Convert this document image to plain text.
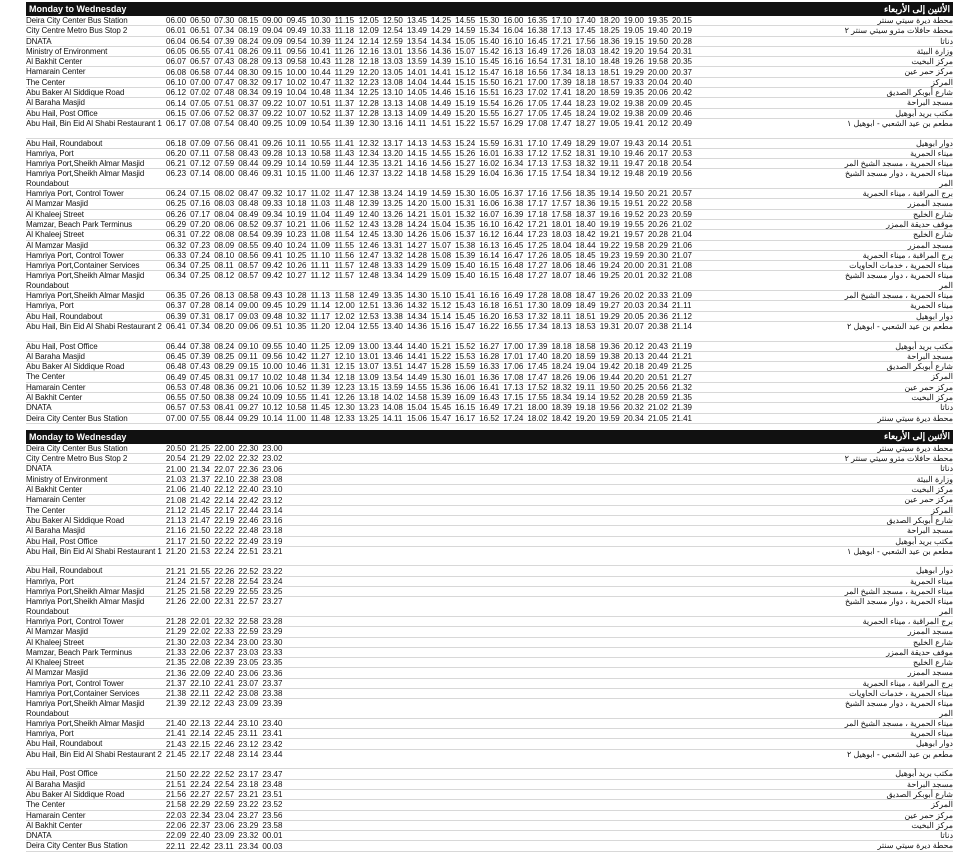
Monday to Wednesday	الأثنين إلى الأربعاء
Deira City Center Bus Station	06.00 06.50 07.30 08.15 09.00 09.45 10.30 11.15 12.05 12.50 13.45 14.25 14.55 15.30 16.00 16.35 17.10 17.40 18.20 19.00 19.35 20.15	محطة ديرة سيتي سنتر
City Centre Metro Bus Stop 2	06.01 06.51 07.34 08.19 09.04 09.49 10.33 11.18 12.09 12.54 13.49 14.29 14.59 15.34 16.04 16.38 17.13 17.45 18.25 19.05 19.40 20.19	محطة حافلات مترو سيتي سنتر ٢
DNATA	06.04 06.54 07.39 08.24 09.09 09.54 10.39 11.24 12.14 12.59 13.54 14.34 15.05 15.40 16.10 16.45 17.21 17.56 18.36 19.15 19.50 20.28	دناتا
Ministry of Environment	06.05 06.55 07.41 08.26 09.11 09.56 10.41 11.26 12.16 13.01 13.56 14.36 15.07 15.42 16.13 16.49 17.26 18.03 18.42 19.20 19.54 20.31	وزارة البيئة
Al Bakhit Center	06.07 06.57 07.43 08.28 09.13 09.58 10.43 11.28 12.18 13.03 13.59 14.39 15.10 15.45 16.16 16.54 17.31 18.10 18.48 19.26 19.58 20.35	مركز البخيت
Hamarain Center	06.08 06.58 07.44 08.30 09.15 10.00 10.44 11.29 12.20 13.05 14.01 14.41 15.12 15.47 16.18 16.56 17.34 18.13 18.51 19.29 20.00 20.37	مركز حمر عين
The Center	06.10 07.00 07.47 08.32 09.17 10.02 10.47 11.32 12.23 13.08 14.04 14.44 15.15 15.50 16.21 17.00 17.39 18.18 18.57 19.33 20.04 20.40	المركز
Abu Baker Al Siddique Road	06.12 07.02 07.48 08.34 09.19 10.04 10.48 11.34 12.25 13.10 14.05 14.46 15.16 15.51 16.23 17.02 17.41 18.20 18.59 19.35 20.06 20.42	شارع أبوبكر الصديق
Al Baraha Masjid	06.14 07.05 07.51 08.37 09.22 10.07 10.51 11.37 12.28 13.13 14.08 14.49 15.19 15.54 16.26 17.05 17.44 18.23 19.02 19.38 20.09 20.45	مسجد البراحة
Abu Hail, Post Office	06.15 07.06 07.52 08.37 09.22 10.07 10.52 11.37 12.28 13.13 14.09 14.49 15.20 15.55 16.27 17.05 17.45 18.24 19.02 19.38 20.09 20.46	مكتب بريد أبوهيل
Abu Hail, Bin Eid Al Shabi Restaurant 1 06.17 07.08 07.54 08.40 09.25 10.09 10.54 11.39 12.30 13.16 14.11 14.51 15.22 15.57 16.29 17.08 17.47 18.27 19.05 19.41 20.12 20.49	مطعم بن عيد الشعبي - ابوهيل ١
Abu Hail, Roundabout	06.18 07.09 07.56 08.41 09.26 10.11 10.55 11.41 12.32 13.17 14.13 14.53 15.24 15.59 16.31 17.10 17.49 18.29 19.07 19.43 20.14 20.51	دوار ابوهيل
Hamriya, Port	06.20 07.11 07.58 08.43 09.28 10.13 10.58 11.43 12.34 13.20 14.15 14.55 15.26 16.01 16.33 17.12 17.52 18.31 19.10 19.46 20.17 20.53	ميناء الحمرية
Hamriya Port,Sheikh Almar Masjid	06.21 07.12 07.59 08.44 09.29 10.14 10.59 11.44 12.35 13.21 14.16 14.56 15.27 16.02 16.34 17.13 17.53 18.32 19.11 19.47 20.18 20.54	ميناء الحمرية ، مسجد الشيخ المر
Hamriya Port,Sheikh Almar Masjid Roundabout
06.23 07.14 08.00 08.46 09.31 10.15 11.00 11.46 12.37 13.22 14.18 14.58 15.29 16.04 16.36 17.15 17.54 18.34 19.12 19.48 20.19 20.56	ميناء الحمرية ، دوار مسجد الشيخ المر
Hamriya Port, Control Tower	06.24 07.15 08.02 08.47 09.32 10.17 11.02 11.47 12.38 13.24 14.19 14.59 15.30 16.05 16.37 17.16 17.56 18.35 19.14 19.50 20.21 20.57	برج المراقبة ، ميناء الحمرية
Al Mamzar Masjid	06.25 07.16 08.03 08.48 09.33 10.18 11.03 11.48 12.39 13.25 14.20 15.00 15.31 16.06 16.38 17.17 17.57 18.36 19.15 19.51 20.22 20.58	مسجد الممزر
Al Khaleej Street	06.26 07.17 08.04 08.49 09.34 10.19 11.04 11.49 12.40 13.26 14.21 15.01 15.32 16.07 16.39 17.18 17.58 18.37 19.16 19.52 20.23 20.59	شارع الخليج
Mamzar, Beach Park Terminus	06.29 07.20 08.06 08.52 09.37 10.21 11.06 11.52 12.43 13.28 14.24 15.04 15.35 16.10 16.42 17.21 18.01 18.40 19.19 19.55 20.26 21.02	موقف حديقة الممزر
Al Khaleej Street	06.31 07.22 08.08 08.54 09.39 10.23 11.08 11.54 12.45 13.30 14.26 15.06 15.37 16.12 16.44 17.23 18.03 18.42 19.21 19.57 20.28 21.04	شارع الخليج
Al Mamzar Masjid	06.32 07.23 08.09 08.55 09.40 10.24 11.09 11.55 12.46 13.31 14.27 15.07 15.38 16.13 16.45 17.25 18.04 18.44 19.22 19.58 20.29 21.06	مسجد الممزر
Hamriya Port, Control Tower	06.33 07.24 08.10 08.56 09.41 10.25 11.10 11.56 12.47 13.32 14.28 15.08 15.39 16.14 16.47 17.26 18.05 18.45 19.23 19.59 20.30 21.07	برج المراقبة ، ميناء الحمرية
Hamriya Port,Container Services	06.34 07.25 08.11 08.57 09.42 10.26 11.11 11.57 12.48 13.33 14.29 15.09 15.40 16.15 16.48 17.27 18.06 18.46 19.24 20.00 20.31 21.08	ميناء الحمرية ، خدمات الحاويات
Hamriya Port,Sheikh Almar Masjid Roundabout
06.34 07.25 08.12 08.57 09.42 10.27 11.12 11.57 12.48 13.34 14.29 15.09 15.40 16.15 16.48 17.27 18.07 18.46 19.25 20.01 20.32 21.08	ميناء الحمرية ، دوار مسجد الشيخ المر
Hamriya Port,Sheikh Almar Masjid	06.35 07.26 08.13 08.58 09.43 10.28 11.13 11.58 12.49 13.35 14.30 15.10 15.41 16.16 16.49 17.28 18.08 18.47 19.26 20.02 20.33 21.09	ميناء الحمرية ، مسجد الشيخ المر
Hamriya, Port	06.37 07.28 08.14 09.00 09.45 10.29 11.14 12.00 12.51 13.36 14.32 15.12 15.43 16.18 16.51 17.30 18.09 18.49 19.27 20.03 20.34 21.11	ميناء الحمرية
Abu Hail, Roundabout	06.39 07.31 08.17 09.03 09.48 10.32 11.17 12.02 12.53 13.38 14.34 15.14 15.45 16.20 16.53 17.32 18.11 18.51 19.29 20.05 20.36 21.12	دوار ابوهيل
Abu Hail, Bin Eid Al Shabi Restaurant 2 06.41 07.34 08.20 09.06 09.51 10.35 11.20 12.04 12.55 13.40 14.36 15.16 15.47 16.22 16.55 17.34 18.13 18.53 19.31 20.07 20.38 21.14	مطعم بن عيد الشعبي - ابوهيل ٢
Abu Hail, Post Office	06.44 07.38 08.24 09.10 09.55 10.40 11.25 12.09 13.00 13.44 14.40 15.21 15.52 16.27 17.00 17.39 18.18 18.58 19.36 20.12 20.43 21.19	مكتب بريد أبوهيل
Al Baraha Masjid	06.45 07.39 08.25 09.11 09.56 10.42 11.27 12.10 13.01 13.46 14.41 15.22 15.53 16.28 17.01 17.40 18.20 18.59 19.38 20.13 20.44 21.21	مسجد البراحة
Abu Baker Al Siddique Road	06.48 07.43 08.29 09.15 10.00 10.46 11.31 12.15 13.07 13.51 14.47 15.28 15.59 16.33 17.06 17.45 18.24 19.04 19.42 20.18 20.49 21.25	شارع أبوبكر الصديق
The Center	06.49 07.45 08.31 09.17 10.02 10.48 11.34 12.18 13.09 13.54 14.49 15.30 16.01 16.36 17.08 17.47 18.26 19.06 19.44 20.20 20.51 21.27	المركز
Hamarain Center	06.53 07.48 08.36 09.21 10.06 10.52 11.39 12.23 13.15 13.59 14.55 15.36 16.06 16.41 17.13 17.52 18.32 19.11 19.50 20.25 20.56 21.32	مركز حمر عين
Al Bakhit Center	06.55 07.50 08.38 09.24 10.09 10.55 11.41 12.26 13.18 14.02 14.58 15.39 16.09 16.43 17.15 17.55 18.34 19.14 19.52 20.28 20.59 21.35	مركز البخيت
DNATA	06.57 07.53 08.41 09.27 10.12 10.58 11.45 12.30 13.23 14.08 15.04 15.45 16.15 16.49 17.21 18.00 18.39 19.18 19.56 20.32 21.02 21.39	دناتا
Deira City Center Bus Station	07.00 07.55 08.44 09.29 10.14 11.00 11.48 12.33 13.25 14.11 15.06 15.47 16.17 16.52 17.24 18.02 18.42 19.20 19.59 20.34 21.05 21.41	محطة ديرة سيتي سنتر
Monday to Wednesday	الأثنين إلى الأربعاء
Deira City Center Bus Station	20.50 21.25 22.00 22.30 23.00	محطة ديرة سيتي سنتر
City Centre Metro Bus Stop 2	20.54 21.29 22.02 22.32 23.02	محطة حافلات مترو سيتي سنتر ٢
DNATA	21.00 21.34 22.07 22.36 23.06	دناتا
Ministry of Environment	21.03 21.37 22.10 22.38 23.08	وزارة البيئة
Al Bakhit Center	21.06 21.40 22.12 22.40 23.10	مركز البخيت
Hamarain Center	21.08 21.42 22.14 22.42 23.12	مركز حمر عين
The Center	21.12 21.45 22.17 22.44 23.14	المركز
Abu Baker Al Siddique Road	21.13 21.47 22.19 22.46 23.16	شارع أبوبكر الصديق
Al Baraha Masjid	21.16 21.50 22.22 22.48 23.18	مسجد البراحة
Abu Hail, Post Office	21.17 21.50 22.22 22.49 23.19	مكتب بريد أبوهيل
Abu Hail, Bin Eid Al Shabi Restaurant 1 21.20 21.53 22.24 22.51 23.21	مطعم بن عيد الشعبي - ابوهيل ١
Abu Hail, Roundabout	21.21 21.55 22.26 22.52 23.22	دوار ابوهيل
Hamriya, Port	21.24 21.57 22.28 22.54 23.24	ميناء الحمرية
Hamriya Port,Sheikh Almar Masjid	21.25 21.58 22.29 22.55 23.25	ميناء الحمرية ، مسجد الشيخ المر
Hamriya Port,Sheikh Almar Masjid Roundabout
21.26 22.00 22.31 22.57 23.27	ميناء الحمرية ، دوار مسجد الشيخ المر
Hamriya Port, Control Tower	21.28 22.01 22.32 22.58 23.28	برج المراقبة ، ميناء الحمرية
Al Mamzar Masjid	21.29 22.02 22.33 22.59 23.29	مسجد الممزر
Al Khaleej Street	21.30 22.03 22.34 23.00 23.30	شارع الخليج
Mamzar, Beach Park Terminus	21.33 22.06 22.37 23.03 23.33	موقف حديقة الممزر
Al Khaleej Street	21.35 22.08 22.39 23.05 23.35	شارع الخليج
Al Mamzar Masjid	21.36 22.09 22.40 23.06 23.36	مسجد الممزر
Hamriya Port, Control Tower	21.37 22.10 22.41 23.07 23.37	برج المراقبة ، ميناء الحمرية
Hamriya Port,Container Services	21.38 22.11 22.42 23.08 23.38	ميناء الحمرية ، خدمات الحاويات
Hamriya Port,Sheikh Almar Masjid Roundabout
21.39 22.12 22.43 23.09 23.39	ميناء الحمرية ، دوار مسجد الشيخ المر
Hamriya Port,Sheikh Almar Masjid	21.40 22.13 22.44 23.10 23.40	ميناء الحمرية ، مسجد الشيخ المر
Hamriya, Port	21.41 22.14 22.45 23.11 23.41	ميناء الحمرية
Abu Hail, Roundabout	21.43 22.15 22.46 23.12 23.42	دوار ابوهيل
Abu Hail, Bin Eid Al Shabi Restaurant 2 21.45 22.17 22.48 23.14 23.44	مطعم بن عيد الشعبي - ابوهيل ٢
Abu Hail, Post Office	21.50 22.22 22.52 23.17 23.47	مكتب بريد أبوهيل
Al Baraha Masjid	21.51 22.24 22.54 23.18 23.48	مسجد البراحة
Abu Baker Al Siddique Road	21.56 22.27 22.57 23.21 23.51	شارع أبوبكر الصديق
The Center	21.58 22.29 22.59 23.22 23.52	المركز
Hamarain Center	22.03 22.34 23.04 23.27 23.56	مركز حمر عين
Al Bakhit Center	22.06 22.37 23.06 23.29 23.58	مركز البخيت
DNATA	22.09 22.40 23.09 23.32 00.01	دناتا
Deira City Center Bus Station	22.11 22.42 23.11 23.34 00.03	محطة ديرة سيتي سنتر
